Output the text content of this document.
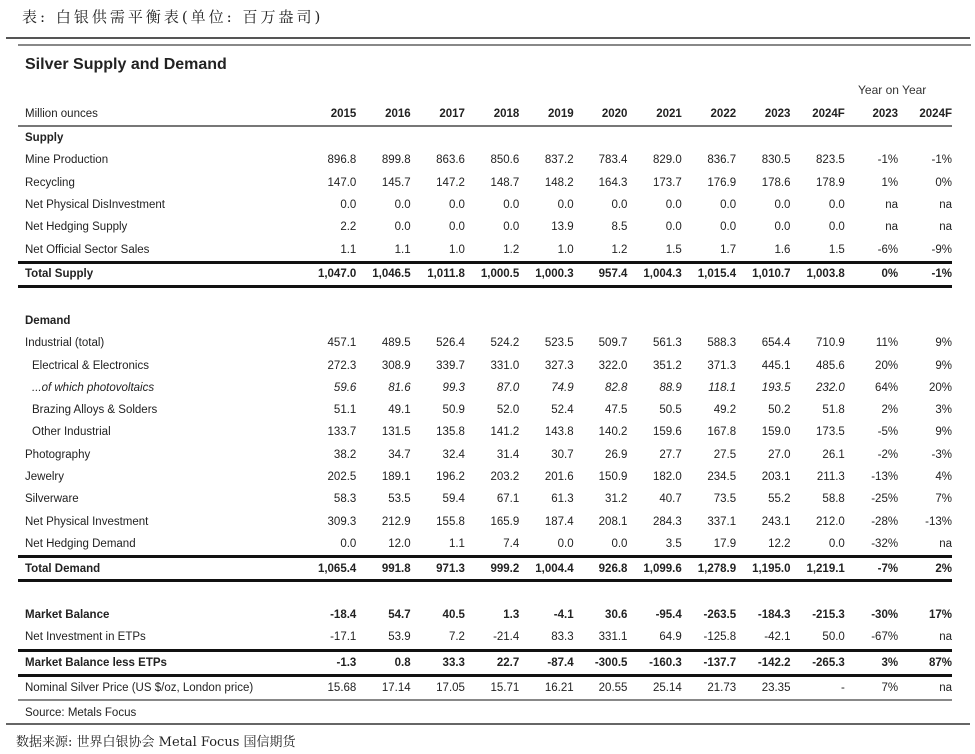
表: 白银供需平衡表(单位: 百万盎司)
Silver Supply and Demand
Year on Year
Million ounces	2015	2016	2017	2018	2019	2020	2021	2022	2023	2024F	2023	2024F
Supply												
Mine Production	896.8	899.8	863.6	850.6	837.2	783.4	829.0	836.7	830.5	823.5	-1%	-1%
Recycling	147.0	145.7	147.2	148.7	148.2	164.3	173.7	176.9	178.6	178.9	1%	0%
Net Physical DisInvestment	0.0	0.0	0.0	0.0	0.0	0.0	0.0	0.0	0.0	0.0	na	na
Net Hedging Supply	2.2	0.0	0.0	0.0	13.9	8.5	0.0	0.0	0.0	0.0	na	na
Net Official Sector Sales	1.1	1.1	1.0	1.2	1.0	1.2	1.5	1.7	1.6	1.5	-6%	-9%
Total Supply	1,047.0	1,046.5	1,011.8	1,000.5	1,000.3	957.4	1,004.3	1,015.4	1,010.7	1,003.8	0%	-1%

Demand												
Industrial (total)	457.1	489.5	526.4	524.2	523.5	509.7	561.3	588.3	654.4	710.9	11%	9%
Electrical & Electronics	272.3	308.9	339.7	331.0	327.3	322.0	351.2	371.3	445.1	485.6	20%	9%
...of which photovoltaics	59.6	81.6	99.3	87.0	74.9	82.8	88.9	118.1	193.5	232.0	64%	20%
Brazing Alloys & Solders	51.1	49.1	50.9	52.0	52.4	47.5	50.5	49.2	50.2	51.8	2%	3%
Other Industrial	133.7	131.5	135.8	141.2	143.8	140.2	159.6	167.8	159.0	173.5	-5%	9%
Photography	38.2	34.7	32.4	31.4	30.7	26.9	27.7	27.5	27.0	26.1	-2%	-3%
Jewelry	202.5	189.1	196.2	203.2	201.6	150.9	182.0	234.5	203.1	211.3	-13%	4%
Silverware	58.3	53.5	59.4	67.1	61.3	31.2	40.7	73.5	55.2	58.8	-25%	7%
Net Physical Investment	309.3	212.9	155.8	165.9	187.4	208.1	284.3	337.1	243.1	212.0	-28%	-13%
Net Hedging Demand	0.0	12.0	1.1	7.4	0.0	0.0	3.5	17.9	12.2	0.0	-32%	na
Total Demand	1,065.4	991.8	971.3	999.2	1,004.4	926.8	1,099.6	1,278.9	1,195.0	1,219.1	-7%	2%

Market Balance	-18.4	54.7	40.5	1.3	-4.1	30.6	-95.4	-263.5	-184.3	-215.3	-30%	17%
Net Investment in ETPs	-17.1	53.9	7.2	-21.4	83.3	331.1	64.9	-125.8	-42.1	50.0	-67%	na
Market Balance less ETPs	-1.3	0.8	33.3	22.7	-87.4	-300.5	-160.3	-137.7	-142.2	-265.3	3%	87%
Nominal Silver Price (US $/oz, London price)	15.68	17.14	17.05	15.71	16.21	20.55	25.14	21.73	23.35	-	7%	na
Source: Metals Focus												
数据来源: 世界白银协会 Metal Focus 国信期货
